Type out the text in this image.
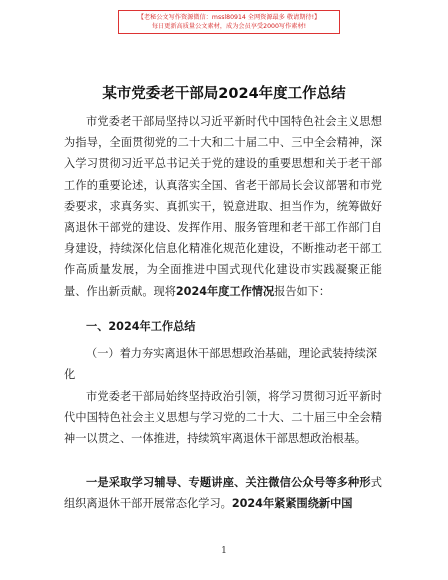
【老秘公文写作资源微信：mssl80914 全网资源最多 敬请期待!】
每日更新高质量公文素材，成为会员享受2000写作素材!
某市党委老干部局2024年度工作总结

市党委老干部局坚持以习近平新时代中国特色社会主义思想为指导，全面贯彻党的二十大和二十届二中、三中全会精神，深入学习贯彻习近平总书记关于党的建设的重要思想和关于老干部工作的重要论述，认真落实全国、省老干部局长会议部署和市党委要求，求真务实、真抓实干，锐意进取、担当作为，统筹做好离退休干部党的建设、发挥作用、服务管理和老干部工作部门自身建设，持续深化信息化精准化规范化建设，不断推动老干部工作高质量发展，为全面推进中国式现代化建设市实践凝聚正能量、作出新贡献。现将2024年度工作情况报告如下：

一、2024年工作总结

（一）着力夯实离退休干部思想政治基础，理论武装持续深化

市党委老干部局始终坚持政治引领，将学习贯彻习近平新时代中国特色社会主义思想与学习党的二十大、二十届三中全会精神一以贯之、一体推进，持续筑牢离退休干部思想政治根基。

一是采取学习辅导、专题讲座、关注微信公众号等多种形式组织离退休干部开展常态化学习。2024年紧紧围绕新中国

1
